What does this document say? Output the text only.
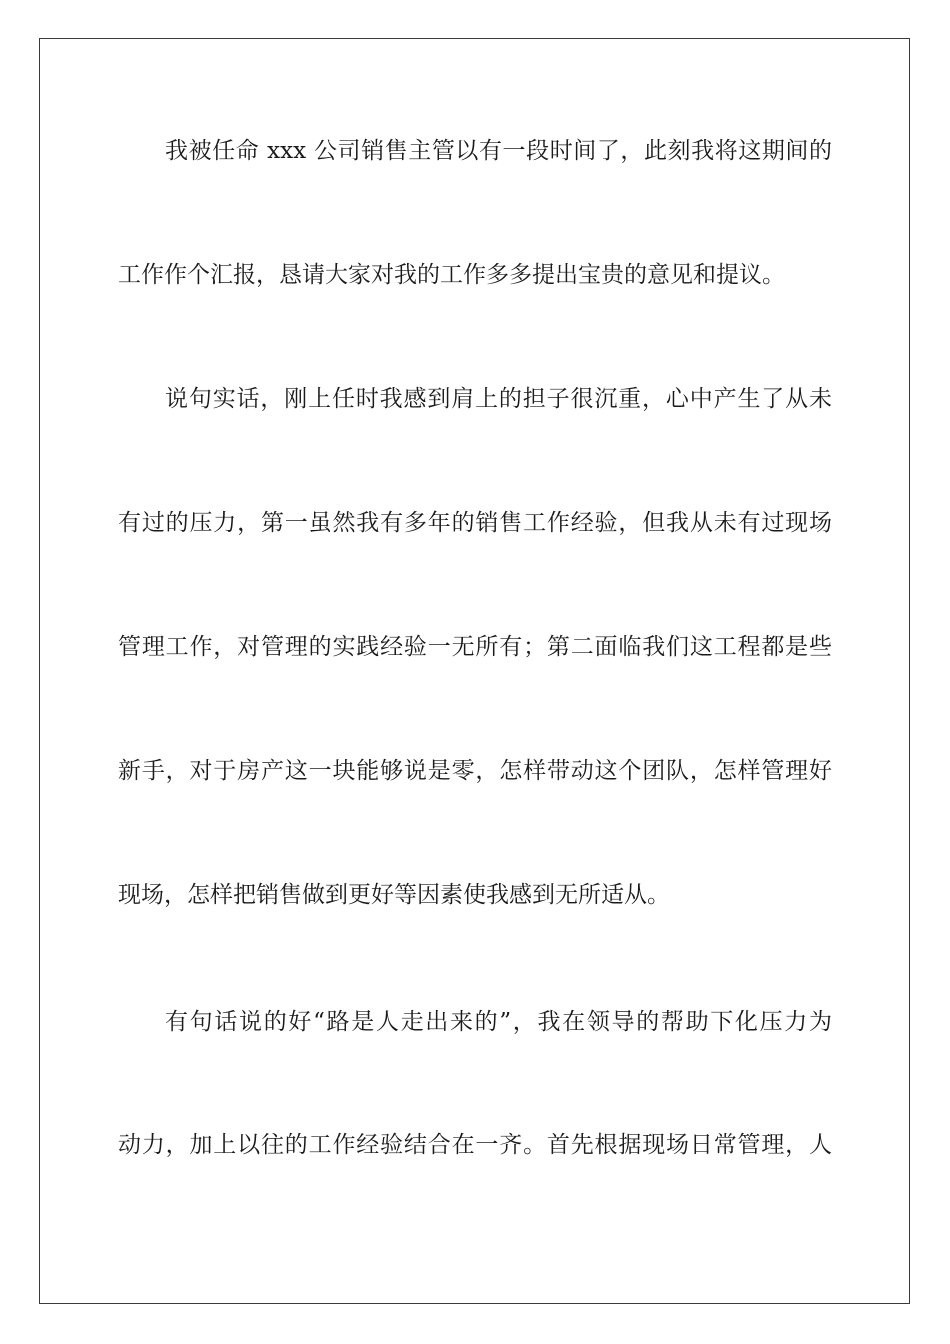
我被任命 xxx 公司销售主管以有一段时间了，此刻我将这期间的
工作作个汇报，恳请大家对我的工作多多提出宝贵的意见和提议。
说句实话，刚上任时我感到肩上的担子很沉重，心中产生了从未
有过的压力，第一虽然我有多年的销售工作经验，但我从未有过现场
管理工作，对管理的实践经验一无所有；第二面临我们这工程都是些
新手，对于房产这一块能够说是零，怎样带动这个团队，怎样管理好
现场，怎样把销售做到更好等因素使我感到无所适从。
有句话说的好“路是人走出来的”，我在领导的帮助下化压力为
动力，加上以往的工作经验结合在一齐。首先根据现场日常管理，人
